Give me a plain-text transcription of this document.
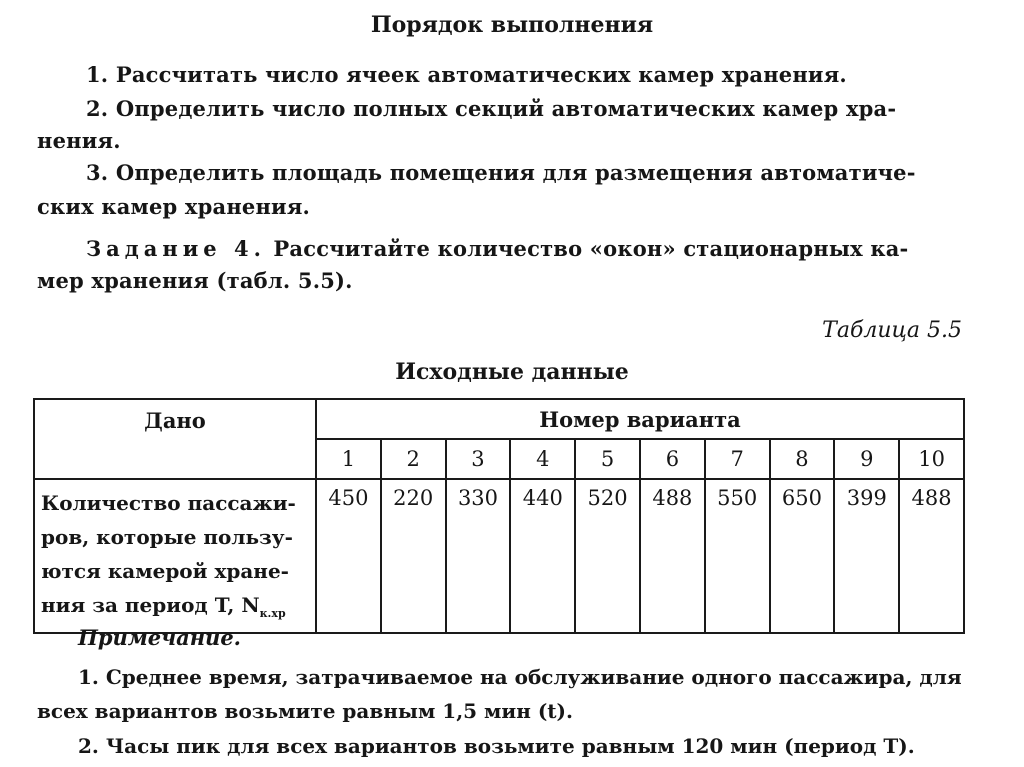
Порядок выполнения
1. Рассчитать число ячеек автоматических камер хранения.
2. Определить число полных секций автоматических камер хра-
нения.
3. Определить площадь помещения для размещения автоматиче-
ских камер хранения.
Задание 4. Рассчитайте количество «окон» стационарных ка-
мер хранения (табл. 5.5).
Таблица 5.5
Исходные данные
Дано	Номер варианта									
	1	2	3	4	5	6	7	8	9	10

Количество пассажи-
ров, которые пользу-
ются камерой хране-
ния за период T, $N_{к.хр}$	450	220	330	440	520	488	550	650	399	488
Примечание.
1. Среднее время, затрачиваемое на обслуживание одного пассажира, для
всех вариантов возьмите равным 1,5 мин (t).
2. Часы пик для всех вариантов возьмите равным 120 мин (период T).
